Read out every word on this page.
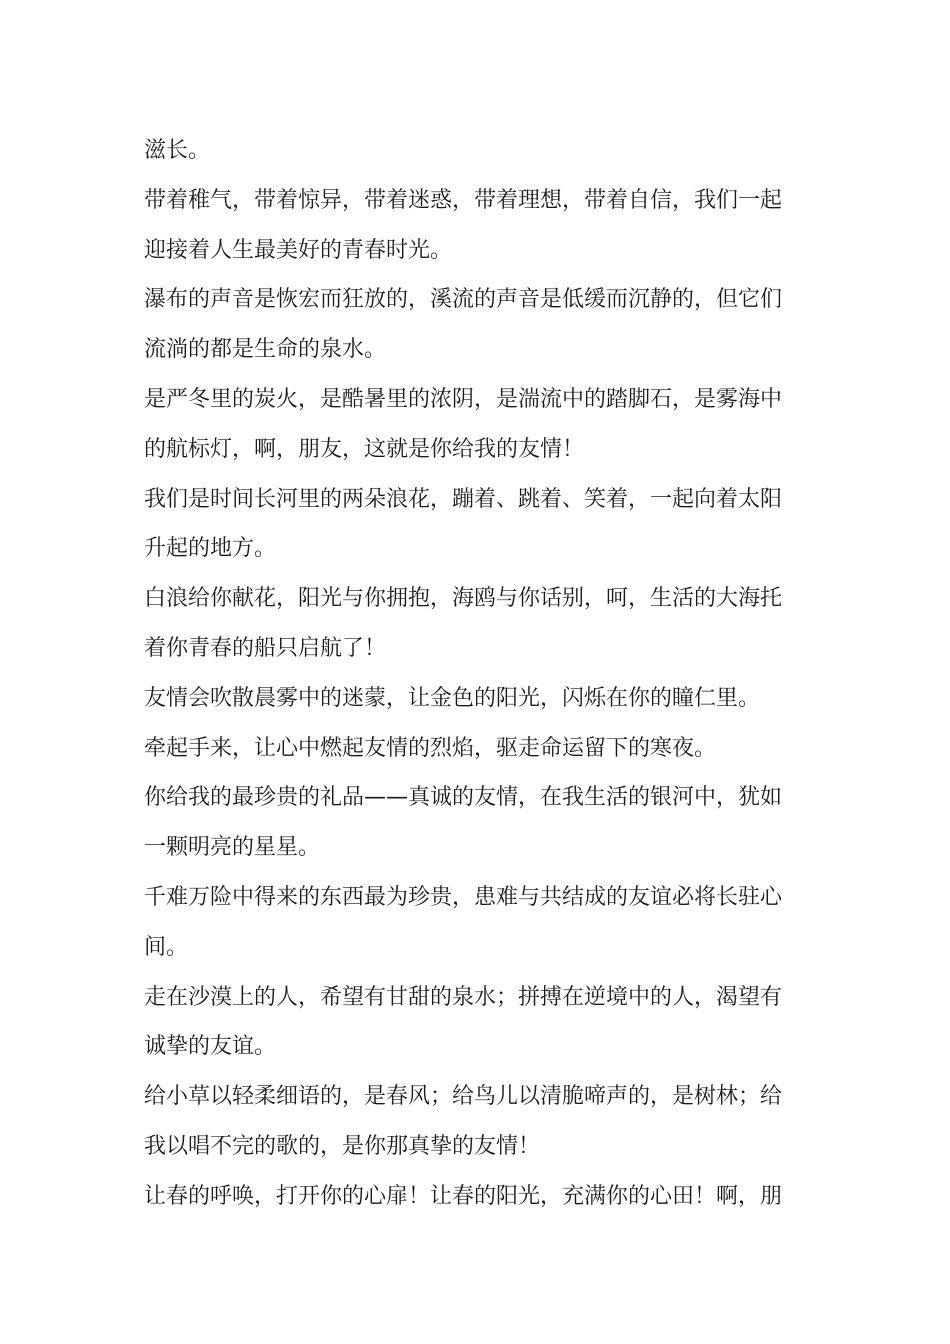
滋长。
带着稚气，带着惊异，带着迷惑，带着理想，带着自信，我们一起
迎接着人生最美好的青春时光。
瀑布的声音是恢宏而狂放的，溪流的声音是低缓而沉静的，但它们
流淌的都是生命的泉水。
是严冬里的炭火，是酷暑里的浓阴，是湍流中的踏脚石，是雾海中
的航标灯，啊，朋友，这就是你给我的友情！
我们是时间长河里的两朵浪花，蹦着、跳着、笑着，一起向着太阳
升起的地方。
白浪给你献花，阳光与你拥抱，海鸥与你话别，呵，生活的大海托
着你青春的船只启航了！
友情会吹散晨雾中的迷蒙，让金色的阳光，闪烁在你的瞳仁里。
牵起手来，让心中燃起友情的烈焰，驱走命运留下的寒夜。
你给我的最珍贵的礼品——真诚的友情，在我生活的银河中，犹如
一颗明亮的星星。
千难万险中得来的东西最为珍贵，患难与共结成的友谊必将长驻心
间。
走在沙漠上的人，希望有甘甜的泉水；拼搏在逆境中的人，渴望有
诚挚的友谊。
给小草以轻柔细语的，是春风；给鸟儿以清脆啼声的，是树林；给
我以唱不完的歌的，是你那真挚的友情！
让春的呼唤，打开你的心扉！让春的阳光，充满你的心田！啊，朋
